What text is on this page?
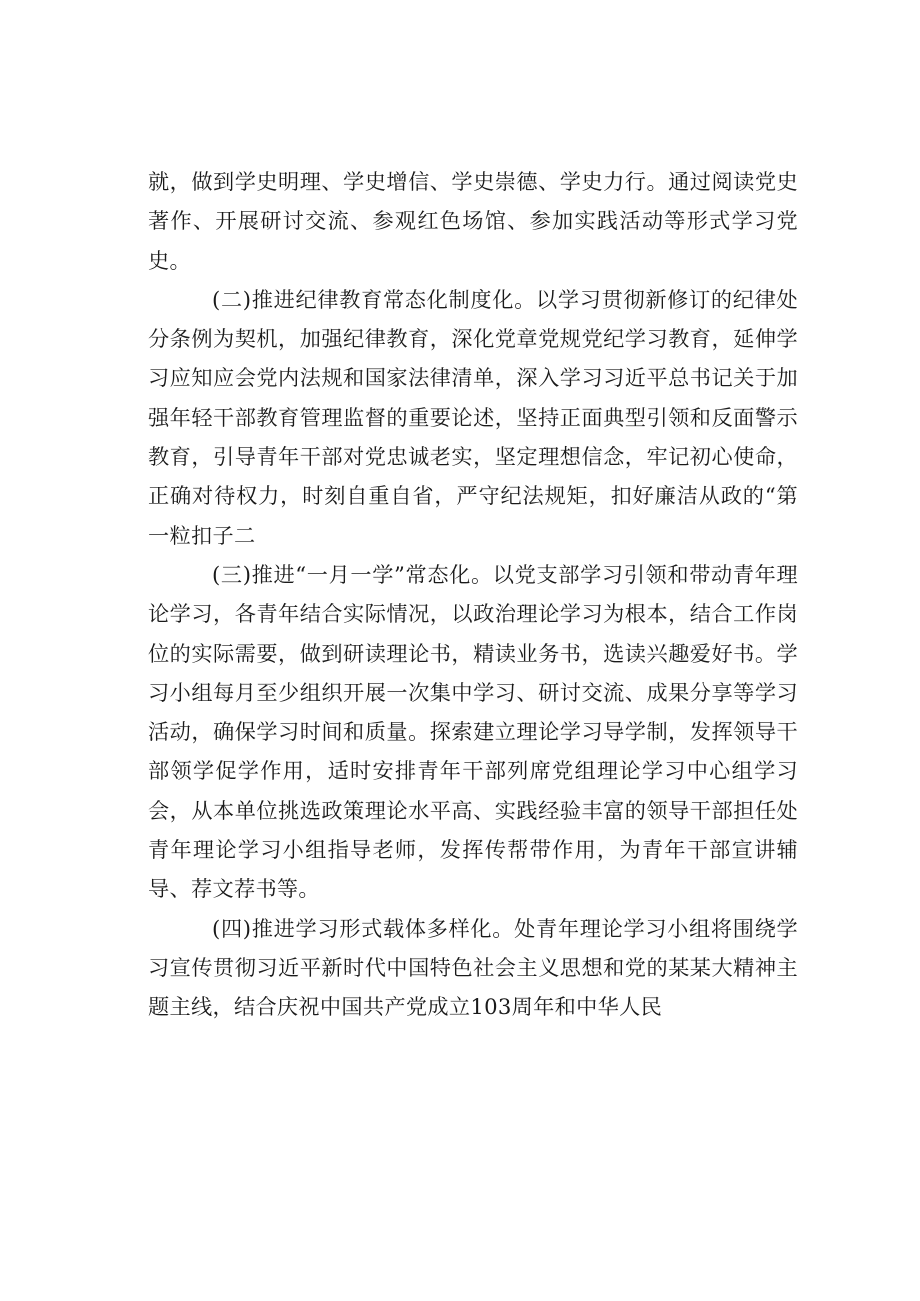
就，做到学史明理、学史增信、学史崇德、学史力行。通过阅读党史著作、开展研讨交流、参观红色场馆、参加实践活动等形式学习党史。

(二)推进纪律教育常态化制度化。以学习贯彻新修订的纪律处分条例为契机，加强纪律教育，深化党章党规党纪学习教育，延伸学习应知应会党内法规和国家法律清单，深入学习习近平总书记关于加强年轻干部教育管理监督的重要论述，坚持正面典型引领和反面警示教育，引导青年干部对党忠诚老实，坚定理想信念，牢记初心使命，正确对待权力，时刻自重自省，严守纪法规矩，扣好廉洁从政的“第一粒扣子二

(三)推进“一月一学”常态化。以党支部学习引领和带动青年理论学习，各青年结合实际情况，以政治理论学习为根本，结合工作岗位的实际需要，做到研读理论书，精读业务书，选读兴趣爱好书。学习小组每月至少组织开展一次集中学习、研讨交流、成果分享等学习活动，确保学习时间和质量。探索建立理论学习导学制，发挥领导干部领学促学作用，适时安排青年干部列席党组理论学习中心组学习会，从本单位挑选政策理论水平高、实践经验丰富的领导干部担任处青年理论学习小组指导老师，发挥传帮带作用，为青年干部宣讲辅导、荐文荐书等。

(四)推进学习形式载体多样化。处青年理论学习小组将围绕学习宣传贯彻习近平新时代中国特色社会主义思想和党的某某大精神主题主线，结合庆祝中国共产党成立103周年和中华人民
